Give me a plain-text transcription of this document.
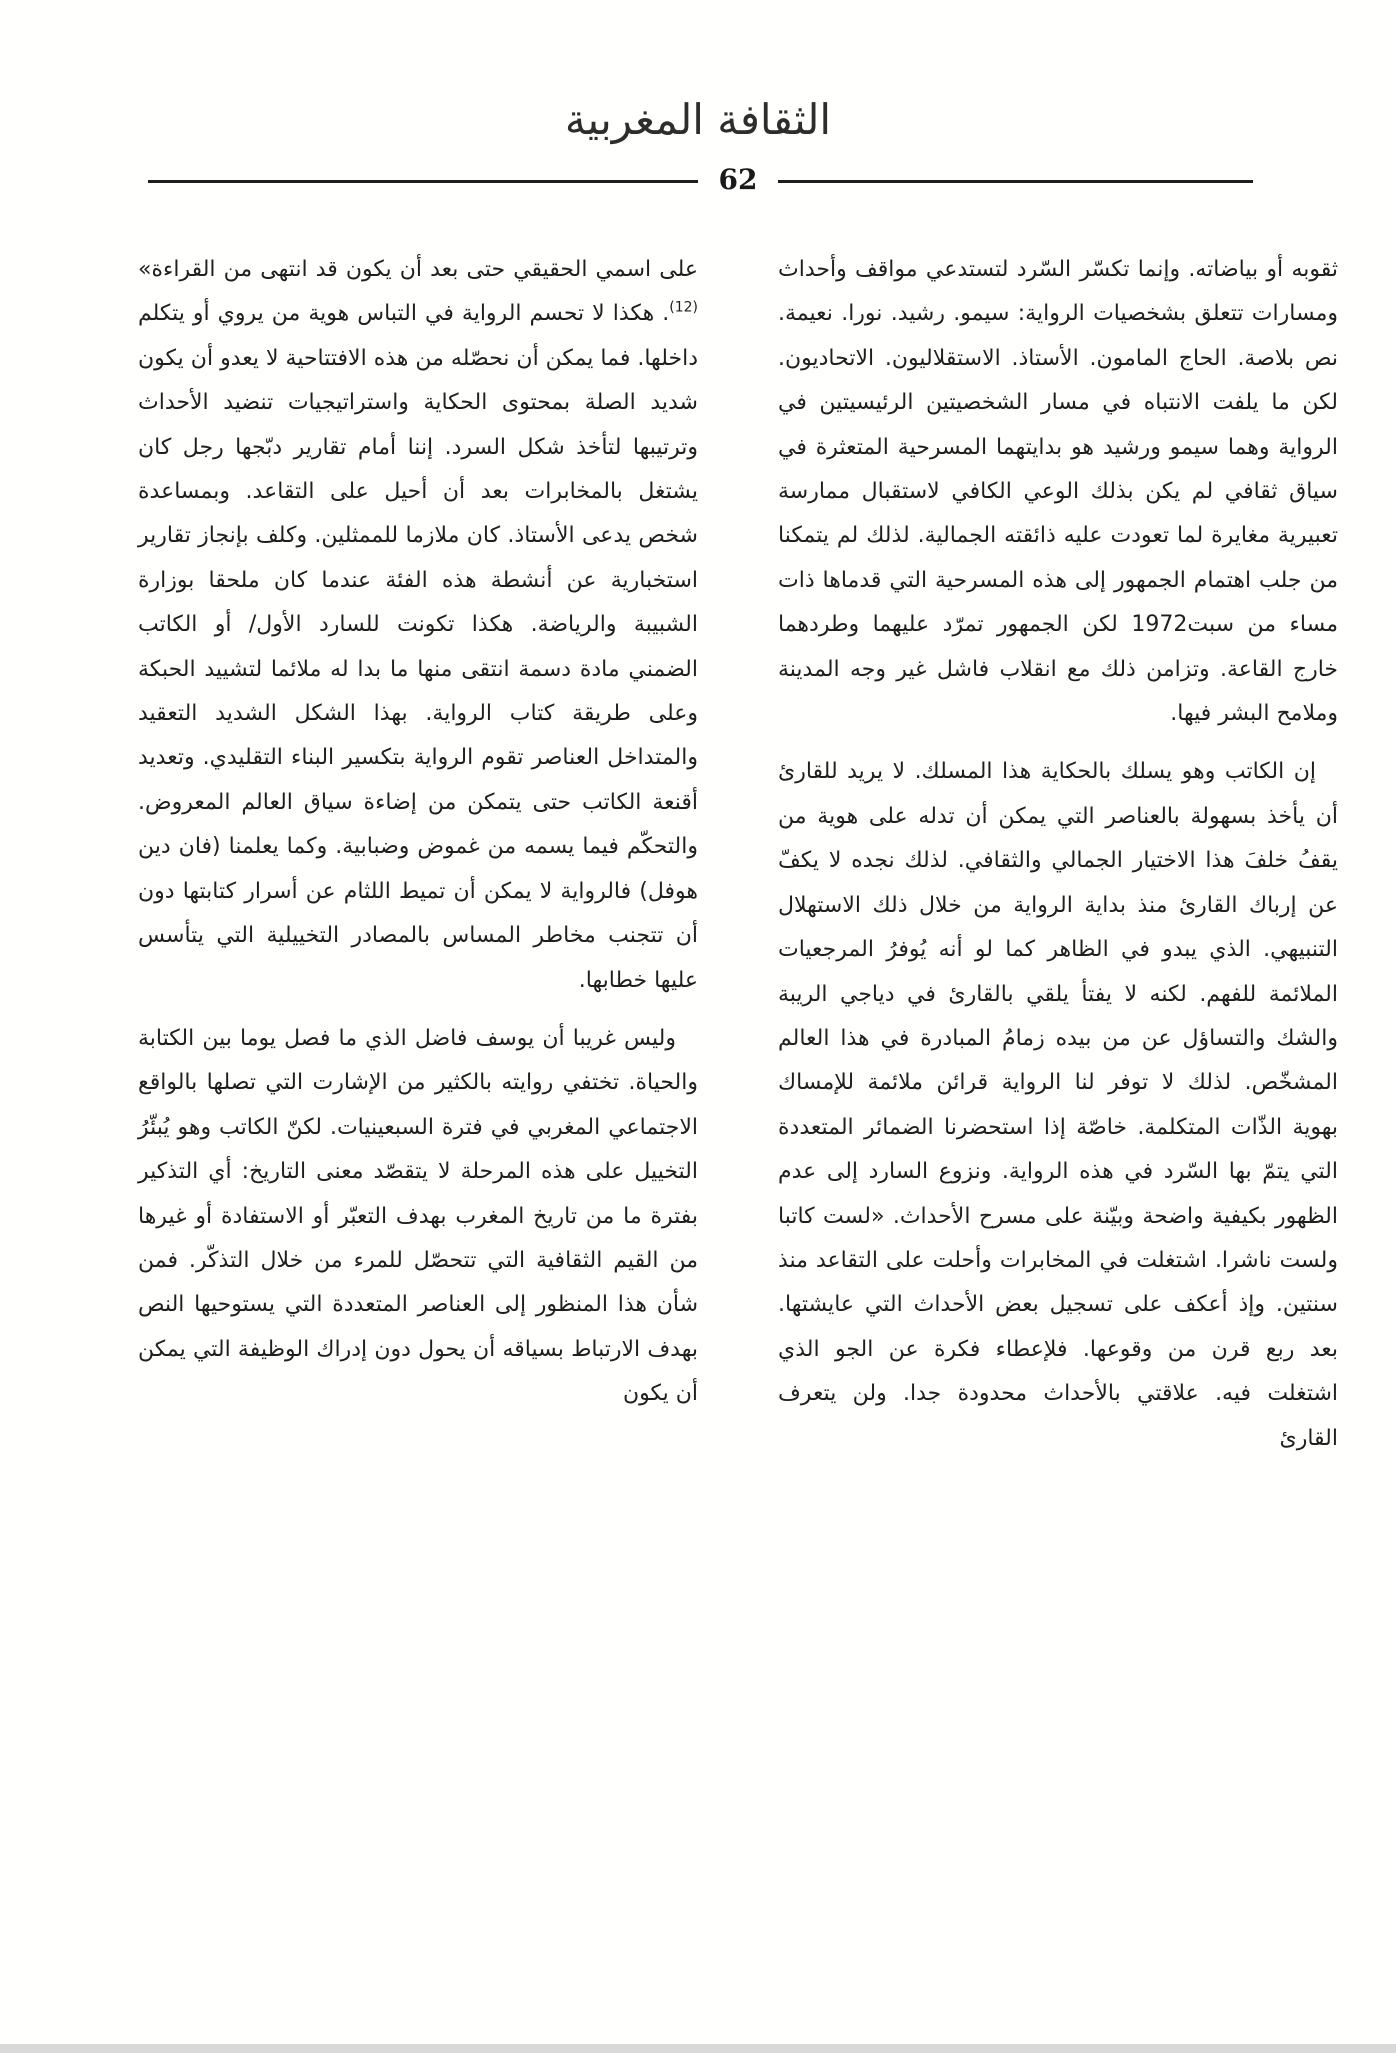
الثقافة المغربية
62

ثقوبه أو بياضاته. وإنما تكسّر السّرد لتستدعي مواقف وأحداث ومسارات تتعلق بشخصيات الرواية: سيمو. رشيد. نورا. نعيمة. نص بلاصة. الحاج المامون. الأستاذ. الاستقلاليون. الاتحاديون. لكن ما يلفت الانتباه في مسار الشخصيتين الرئيسيتين في الرواية وهما سيمو ورشيد هو بدايتهما المسرحية المتعثرة في سياق ثقافي لم يكن بذلك الوعي الكافي لاستقبال ممارسة تعبيرية مغايرة لما تعودت عليه ذائقته الجمالية. لذلك لم يتمكنا من جلب اهتمام الجمهور إلى هذه المسرحية التي قدماها ذات مساء من سبت1972 لكن الجمهور تمرّد عليهما وطردهما خارج القاعة. وتزامن ذلك مع انقلاب فاشل غير وجه المدينة وملامح البشر فيها.

إن الكاتب وهو يسلك بالحكاية هذا المسلك. لا يريد للقارئ أن يأخذ بسهولة بالعناصر التي يمكن أن تدله على هوية من يقفُ خلفَ هذا الاختيار الجمالي والثقافي. لذلك نجده لا يكفّ عن إرباك القارئ منذ بداية الرواية من خلال ذلك الاستهلال التنبيهي. الذي يبدو في الظاهر كما لو أنه يُوفرُ المرجعيات الملائمة للفهم. لكنه لا يفتأ يلقي بالقارئ في دياجي الريبة والشك والتساؤل عن من بيده زمامُ المبادرة في هذا العالم المشخّص. لذلك لا توفر لنا الرواية قرائن ملائمة للإمساك بهوية الذّات المتكلمة. خاصّة إذا استحضرنا الضمائر المتعددة التي يتمّ بها السّرد في هذه الرواية. ونزوع السارد إلى عدم الظهور بكيفية واضحة وبيّنة على مسرح الأحداث. «لست كاتبا ولست ناشرا. اشتغلت في المخابرات وأحلت على التقاعد منذ سنتين. وإذ أعكف على تسجيل بعض الأحداث التي عايشتها. بعد ربع قرن من وقوعها. فلإعطاء فكرة عن الجو الذي اشتغلت فيه. علاقتي بالأحداث محدودة جدا. ولن يتعرف القارئ

على اسمي الحقيقي حتى بعد أن يكون قد انتهى من القراءة» $^{(12)}$. هكذا لا تحسم الرواية في التباس هوية من يروي أو يتكلم داخلها. فما يمكن أن نحصّله من هذه الافتتاحية لا يعدو أن يكون شديد الصلة بمحتوى الحكاية واستراتيجيات تنضيد الأحداث وترتيبها لتأخذ شكل السرد. إننا أمام تقارير دبّجها رجل كان يشتغل بالمخابرات بعد أن أحيل على التقاعد. وبمساعدة شخص يدعى الأستاذ. كان ملازما للممثلين. وكلف بإنجاز تقارير استخبارية عن أنشطة هذه الفئة عندما كان ملحقا بوزارة الشبيبة والرياضة. هكذا تكونت للسارد الأول/ أو الكاتب الضمني مادة دسمة انتقى منها ما بدا له ملائما لتشييد الحبكة وعلى طريقة كتاب الرواية. بهذا الشكل الشديد التعقيد والمتداخل العناصر تقوم الرواية بتكسير البناء التقليدي. وتعديد أقنعة الكاتب حتى يتمكن من إضاءة سياق العالم المعروض. والتحكّم فيما يسمه من غموض وضبابية. وكما يعلمنا (فان دين هوفل) فالرواية لا يمكن أن تميط اللثام عن أسرار كتابتها دون أن تتجنب مخاطر المساس بالمصادر التخييلية التي يتأسس عليها خطابها.

وليس غريبا أن يوسف فاضل الذي ما فصل يوما بين الكتابة والحياة. تختفي روايته بالكثير من الإشارت التي تصلها بالواقع الاجتماعي المغربي في فترة السبعينيات. لكنّ الكاتب وهو يُبئّرُ التخييل على هذه المرحلة لا يتقصّد معنى التاريخ: أي التذكير بفترة ما من تاريخ المغرب بهدف التعبّر أو الاستفادة أو غيرها من القيم الثقافية التي تتحصّل للمرء من خلال التذكّر. فمن شأن هذا المنظور إلى العناصر المتعددة التي يستوحيها النص بهدف الارتباط بسياقه أن يحول دون إدراك الوظيفة التي يمكن أن يكون
